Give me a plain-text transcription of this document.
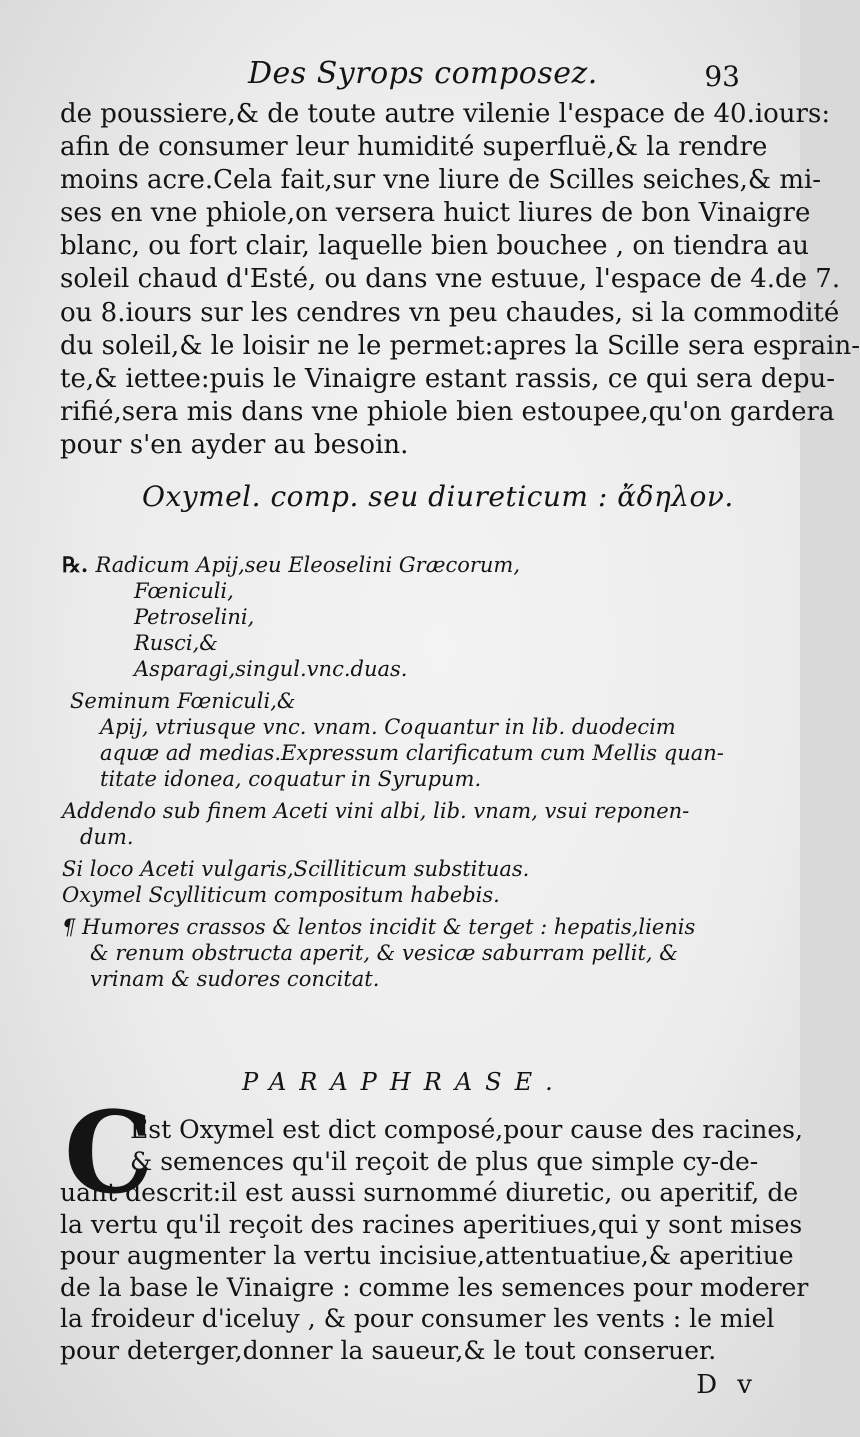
Des Syrops composez.	93
de poussiere,& de toute autre vilenie l'espace de 40.iours:
afin de consumer leur humidité superfluë,& la rendre
moins acre.Cela fait,sur vne liure de Scilles seiches,& mi-
ses en vne phiole,on versera huict liures de bon Vinaigre
blanc, ou fort clair, laquelle bien bouchee , on tiendra au
soleil chaud d'Esté, ou dans vne estuue, l'espace de 4.de 7.
ou 8.iours sur les cendres vn peu chaudes, si la commodité
du soleil,& le loisir ne le permet:apres la Scille sera esprain-
te,& iettee:puis le Vinaigre estant rassis, ce qui sera depu-
rifié,sera mis dans vne phiole bien estoupee,qu'on gardera
pour s'en ayder au besoin.
Oxymel. comp. seu diureticum : ἄδηλον.
℞. Radicum Apij,seu Eleoselini Græcorum,
Fœniculi,
Petroselini,
Rusci,&
Asparagi,singul.vnc.duas.
Seminum Fœniculi,&
Apij, vtriusque vnc. vnam. Coquantur in lib. duodecim
aquæ ad medias.Expressum clarificatum cum Mellis quan-
titate idonea, coquatur in Syrupum.
Addendo sub finem Aceti vini albi, lib. vnam, vsui reponen-
dum.
Si loco Aceti vulgaris,Scilliticum substituas.
Oxymel Scylliticum compositum habebis.
¶ Humores crassos & lentos incidit & terget : hepatis,lienis
& renum obstructa aperit, & vesicæ saburram pellit, &
vrinam & sudores concitat.
PARAPHRASE.
C
Est Oxymel est dict composé,pour cause des racines,
& semences qu'il reçoit de plus que simple cy-de-
uant descrit:il est aussi surnommé diuretic, ou aperitif, de
la vertu qu'il reçoit des racines aperitiues,qui y sont mises
pour augmenter la vertu incisiue,attentuatiue,& aperitiue
de la base le Vinaigre : comme les semences pour moderer
la froideur d'iceluy , & pour consumer les vents : le miel
pour deterger,donner la saueur,& le tout conseruer.
D v
